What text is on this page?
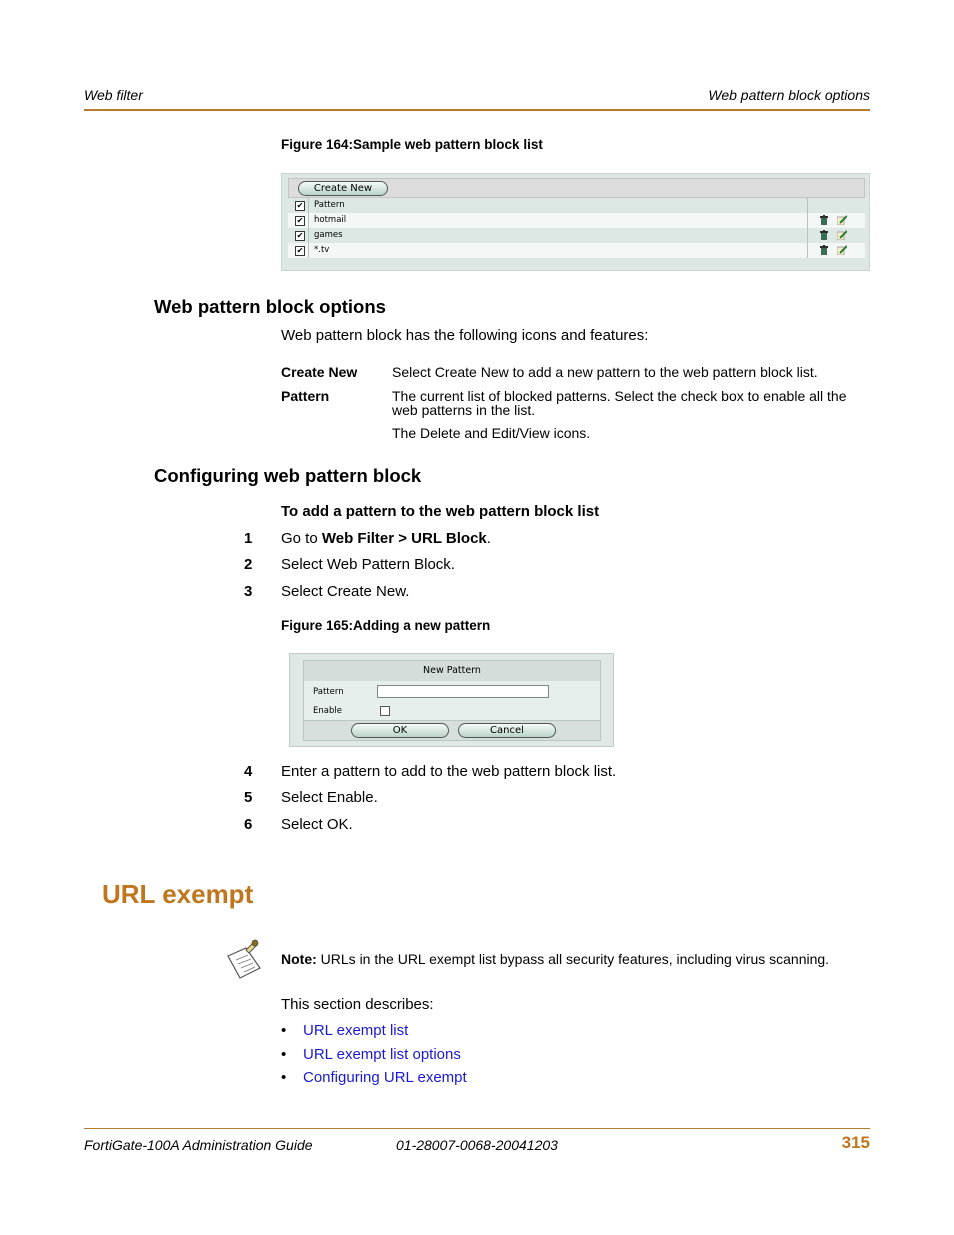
Web filter	Web pattern block options
Figure 164:Sample web pattern block list
Create New
✔ Pattern
✔ hotmail
✔ games
✔ *.tv
Web pattern block options
Web pattern block has the following icons and features:
Create New Select Create New to add a new pattern to the web pattern block list.
Pattern	The current list of blocked patterns. Select the check box to enable all the
web patterns in the list.
The Delete and Edit/View icons.
Configuring web pattern block
To add a pattern to the web pattern block list
1 Go to Web Filter > URL Block.
2 Select Web Pattern Block.
3 Select Create New.
Figure 165:Adding a new pattern
New Pattern
Pattern
Enable
OK	Cancel
4 Enter a pattern to add to the web pattern block list.
5 Select Enable.
6 Select OK.
URL exempt
Note: URLs in the URL exempt list bypass all security features, including virus scanning.
This section describes:
• URL exempt list
• URL exempt list options
• Configuring URL exempt
FortiGate-100A Administration Guide	01-28007-0068-20041203	315
